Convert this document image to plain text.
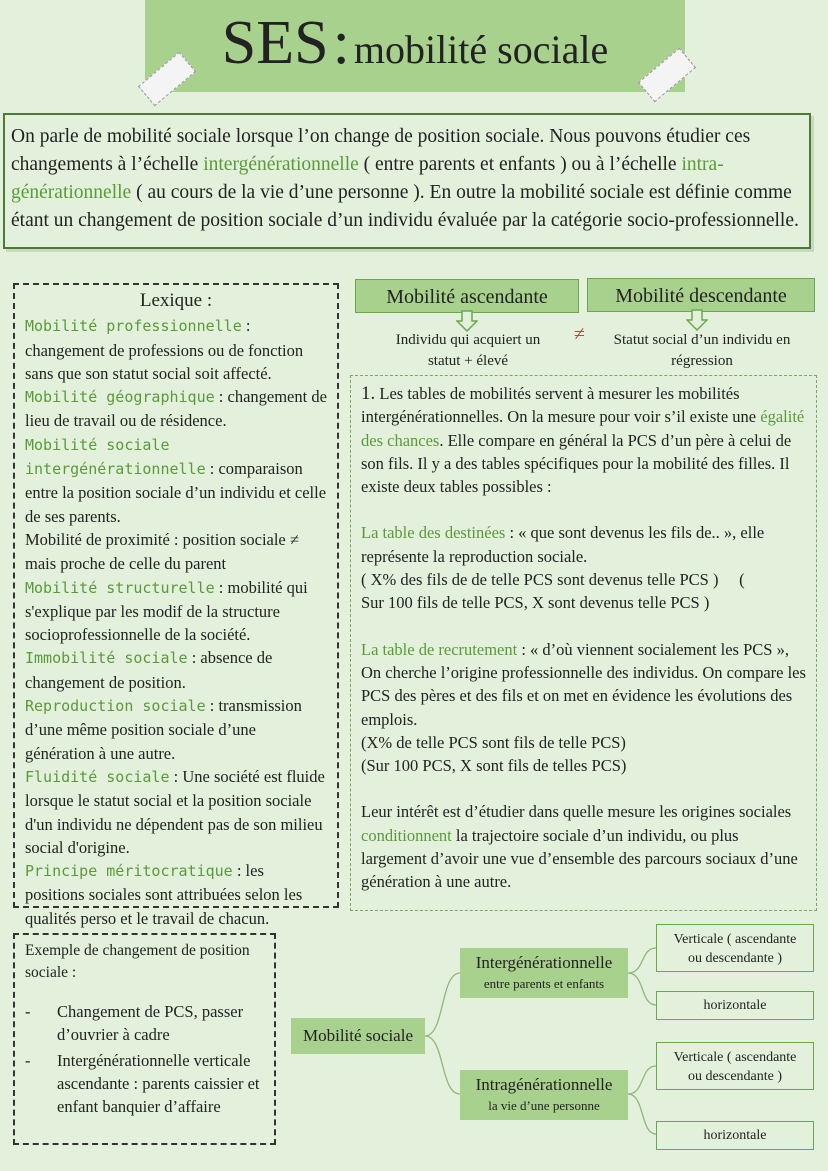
SES : mobilité sociale
On parle de mobilité sociale lorsque l’on change de position sociale. Nous pouvons étudier ces changements à l’échelle intergénérationnelle ( entre parents et enfants ) ou à l’échelle intra-générationnelle ( au cours de la vie d’une personne ). En outre la mobilité sociale est définie comme étant un changement de position sociale d’un individu évaluée par la catégorie socio-professionnelle.
Lexique :
Mobilité professionnelle : changement de professions ou de fonction sans que son statut social soit affecté.
Mobilité géographique : changement de lieu de travail ou de résidence.
Mobilité sociale intergénérationnelle : comparaison entre la position sociale d’un individu et celle de ses parents.
Mobilité de proximité : position sociale ≠ mais proche de celle du parent
Mobilité structurelle : mobilité qui s'explique par les modif de la structure socioprofessionnelle de la société.
Immobilité sociale : absence de changement de position.
Reproduction sociale : transmission d’une même position sociale d’une génération à une autre.
Fluidité sociale : Une société est fluide lorsque le statut social et la position sociale d'un individu ne dépendent pas de son milieu social d'origine.
Principe méritocratique : les positions sociales sont attribuées selon les qualités perso et le travail de chacun.
Mobilité ascendante	Mobilité descendante
Individu qui acquiert un statut + élevé
≠ Statut social d’un individu en régression

1. Les tables de mobilités servent à mesurer les mobilités intergénérationnelles. On la mesure pour voir s’il existe une égalité des chances. Elle compare en général la PCS d’un père à celui de son fils. Il y a des tables spécifiques pour la mobilité des filles. Il existe deux tables possibles :

La table des destinées : « que sont devenus les fils de.. », elle représente la reproduction sociale.

( X% des fils de de telle PCS sont devenus telle PCS )     (

Sur 100 fils de telle PCS, X sont devenus telle PCS )

La table de recrutement : « d’où viennent socialement les PCS », On cherche l’origine professionnelle des individus. On compare les PCS des pères et des fils et on met en évidence les évolutions des emplois.

(X% de telle PCS sont fils de telle PCS)

(Sur 100 PCS, X sont fils de telles PCS)

Leur intérêt est d’étudier dans quelle mesure les origines sociales conditionnent la trajectoire sociale d’un individu, ou plus largement d’avoir une vue d’ensemble des parcours sociaux d’une génération à une autre.

Exemple de changement de position sociale :
-	Changement de PCS, passer d’ouvrier à cadre
-	Intergénérationnelle verticale ascendante : parents caissier et enfant banquier d’affaire
Mobilité sociale
Intergénérationnelle
entre parents et enfants
Intragénérationnelle
la vie d’une personne
Verticale ( ascendante ou descendante )
horizontale
Verticale ( ascendante ou descendante )
horizontale
